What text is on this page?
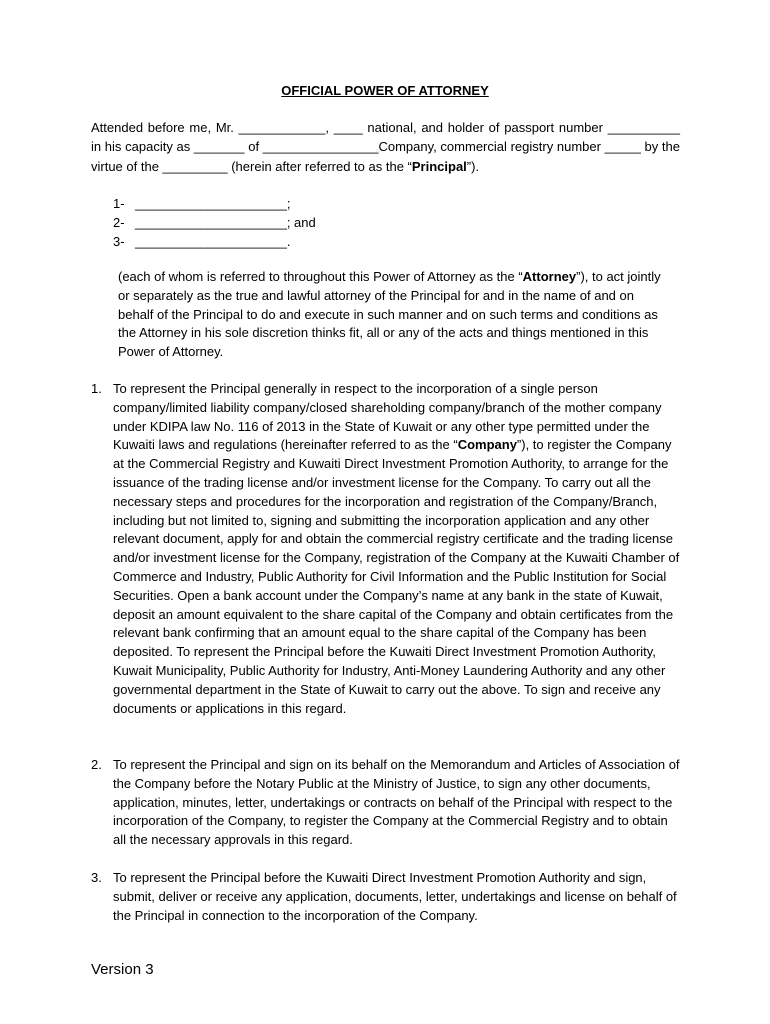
OFFICIAL POWER OF ATTORNEY
Attended before me, Mr. ____________, ____ national, and holder of passport number __________ in his capacity as _______ of ________________Company, commercial registry number _____ by the virtue of the _________ (herein after referred to as the “Principal”).
1- _____________________;
2- _____________________; and
3- _____________________.
(each of whom is referred to throughout this Power of Attorney as the “Attorney”), to act jointly or separately as the true and lawful attorney of the Principal for and in the name of and on behalf of the Principal to do and execute in such manner and on such terms and conditions as the Attorney in his sole discretion thinks fit, all or any of the acts and things mentioned in this Power of Attorney.
1. To represent the Principal generally in respect to the incorporation of a single person company/limited liability company/closed shareholding company/branch of the mother company under KDIPA law No. 116 of 2013 in the State of Kuwait or any other type permitted under the Kuwaiti laws and regulations (hereinafter referred to as the “Company”), to register the Company at the Commercial Registry and Kuwaiti Direct Investment Promotion Authority, to arrange for the issuance of the trading license and/or investment license for the Company. To carry out all the necessary steps and procedures for the incorporation and registration of the Company/Branch, including but not limited to, signing and submitting the incorporation application and any other relevant document, apply for and obtain the commercial registry certificate and the trading license and/or investment license for the Company, registration of the Company at the Kuwaiti Chamber of Commerce and Industry, Public Authority for Civil Information and the Public Institution for Social Securities. Open a bank account under the Company’s name at any bank in the state of Kuwait, deposit an amount equivalent to the share capital of the Company and obtain certificates from the relevant bank confirming that an amount equal to the share capital of the Company has been deposited. To represent the Principal before the Kuwaiti Direct Investment Promotion Authority, Kuwait Municipality, Public Authority for Industry, Anti-Money Laundering Authority and any other governmental department in the State of Kuwait to carry out the above. To sign and receive any documents or applications in this regard.
2. To represent the Principal and sign on its behalf on the Memorandum and Articles of Association of the Company before the Notary Public at the Ministry of Justice, to sign any other documents, application, minutes, letter, undertakings or contracts on behalf of the Principal with respect to the incorporation of the Company, to register the Company at the Commercial Registry and to obtain all the necessary approvals in this regard.
3. To represent the Principal before the Kuwaiti Direct Investment Promotion Authority and sign, submit, deliver or receive any application, documents, letter, undertakings and license on behalf of the Principal in connection to the incorporation of the Company.
Version 3
